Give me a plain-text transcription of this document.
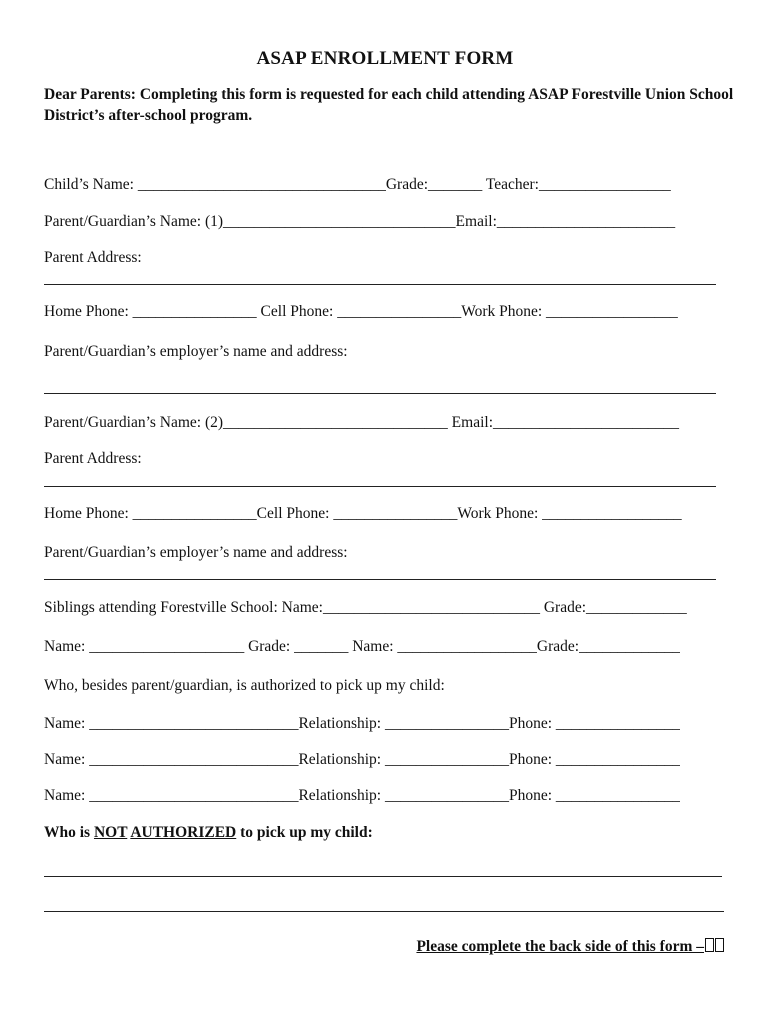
ASAP ENROLLMENT FORM
Dear Parents: Completing this form is requested for each child attending ASAP Forestville Union School District’s after-school program.
Child’s Name: ________________________________Grade:_______ Teacher:_________________
Parent/Guardian’s Name: (1)______________________________Email:_______________________
Parent Address:
Home Phone: ________________ Cell Phone: ________________Work Phone: _________________
Parent/Guardian’s employer’s name and address:
Parent/Guardian’s Name: (2)_____________________________ Email:________________________
Parent Address:
Home Phone: ________________Cell Phone: ________________Work Phone: __________________
Parent/Guardian’s employer’s name and address:
Siblings attending Forestville School: Name:____________________________ Grade:_____________
Name: ____________________ Grade: _______ Name: __________________Grade:_____________
Who, besides parent/guardian, is authorized to pick up my child:
Name: ___________________________Relationship: ________________Phone: ________________
Name: ___________________________Relationship: ________________Phone: ________________
Name: ___________________________Relationship: ________________Phone: ________________
Who is NOT AUTHORIZED to pick up my child:
Please complete the back side of this form –
